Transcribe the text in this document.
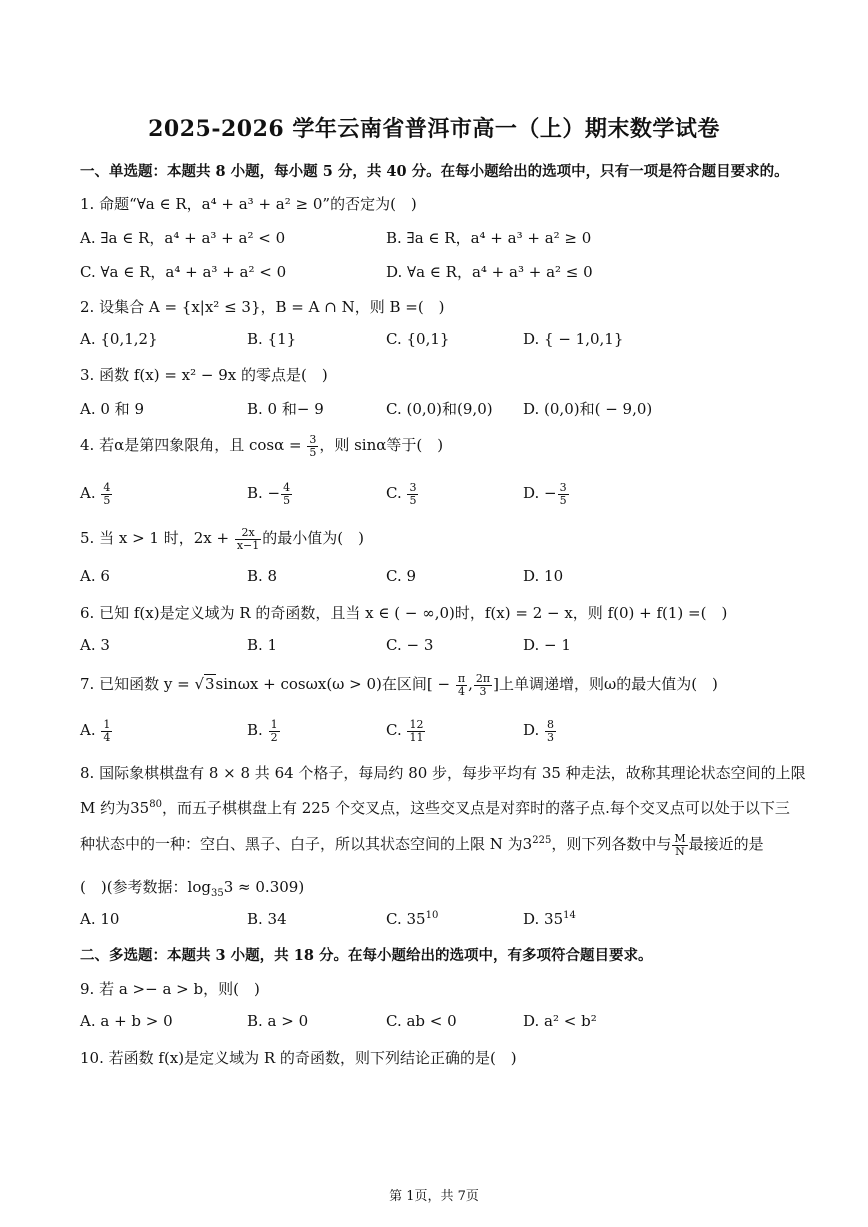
2025-2026 学年云南省普洱市高一（上）期末数学试卷
一、单选题：本题共 8 小题，每小题 5 分，共 40 分。在每小题给出的选项中，只有一项是符合题目要求的。
1. 命题“∀a ∈ R，a⁴ + a³ + a² ≥ 0”的否定为(　)
A. ∃a ∈ R，a⁴ + a³ + a² < 0	B. ∃a ∈ R，a⁴ + a³ + a² ≥ 0
C. ∀a ∈ R，a⁴ + a³ + a² < 0	D. ∀a ∈ R，a⁴ + a³ + a² ≤ 0
2. 设集合 A = {x|x² ≤ 3}，B = A ∩ N，则 B =(　)
A. {0,1,2}	B. {1}	C. {0,1}	D. { − 1,0,1}
3. 函数 f(x) = x² − 9x 的零点是(　)
A. 0 和 9	B. 0 和− 9	C. (0,0)和(9,0) D. (0,0)和( − 9,0)
4. 若α是第四象限角，且 $\cos\alpha = \frac{3}{5}$ ，则 sinα等于(　)
A. $\frac{4}{5}$	B. − $\frac{4}{5}$	C. $\frac{3}{5}$	D. − $\frac{3}{5}$
5. 当 x > 1 时，$2x + \frac{2x}{x-1}$ 的最小值为(　)
A. 6	B. 8	C. 9	D. 10
6. 已知 f(x)是定义域为 R 的奇函数，且当 x ∈ ( − ∞,0)时，f(x) = 2 − x，则 f(0) + f(1) =(　)
A. 3	B. 1	C. − 3	D. − 1
7. 已知函数 y = √3sinωx + cosωx(ω > 0)在区间[ − $\frac{\pi}{4}$ , $\frac{2\pi}{3}$ ]上单调递增，则ω的最大值为(　)
A. $\frac{1}{4}$	B. $\frac{1}{2}$	C. $\frac{12}{11}$	D. $\frac{8}{3}$
8. 国际象棋棋盘有 8 × 8 共 64 个格子，每局约 80 步，每步平均有 35 种走法，故称其理论状态空间的上限
M 约为$35^{80}$，而五子棋棋盘上有 225 个交叉点，这些交叉点是对弈时的落子点.每个交叉点可以处于以下三
种状态中的一种：空白、黑子、白子，所以其状态空间的上限 N 为$3^{225}$，则下列各数中与 $\frac{M}{N}$ 最接近的是
(　)(参考数据：$\log_{35}3 \approx 0.309$)
A. 10	B. 34	C. $35^{10}$	D. $35^{14}$
二、多选题：本题共 3 小题，共 18 分。在每小题给出的选项中，有多项符合题目要求。
9. 若 a >− a > b，则(　)
A. a + b > 0	B. a > 0	C. ab < 0	D. a² < b²
10. 若函数 f(x)是定义域为 R 的奇函数，则下列结论正确的是(　)
第 1页，共 7页
